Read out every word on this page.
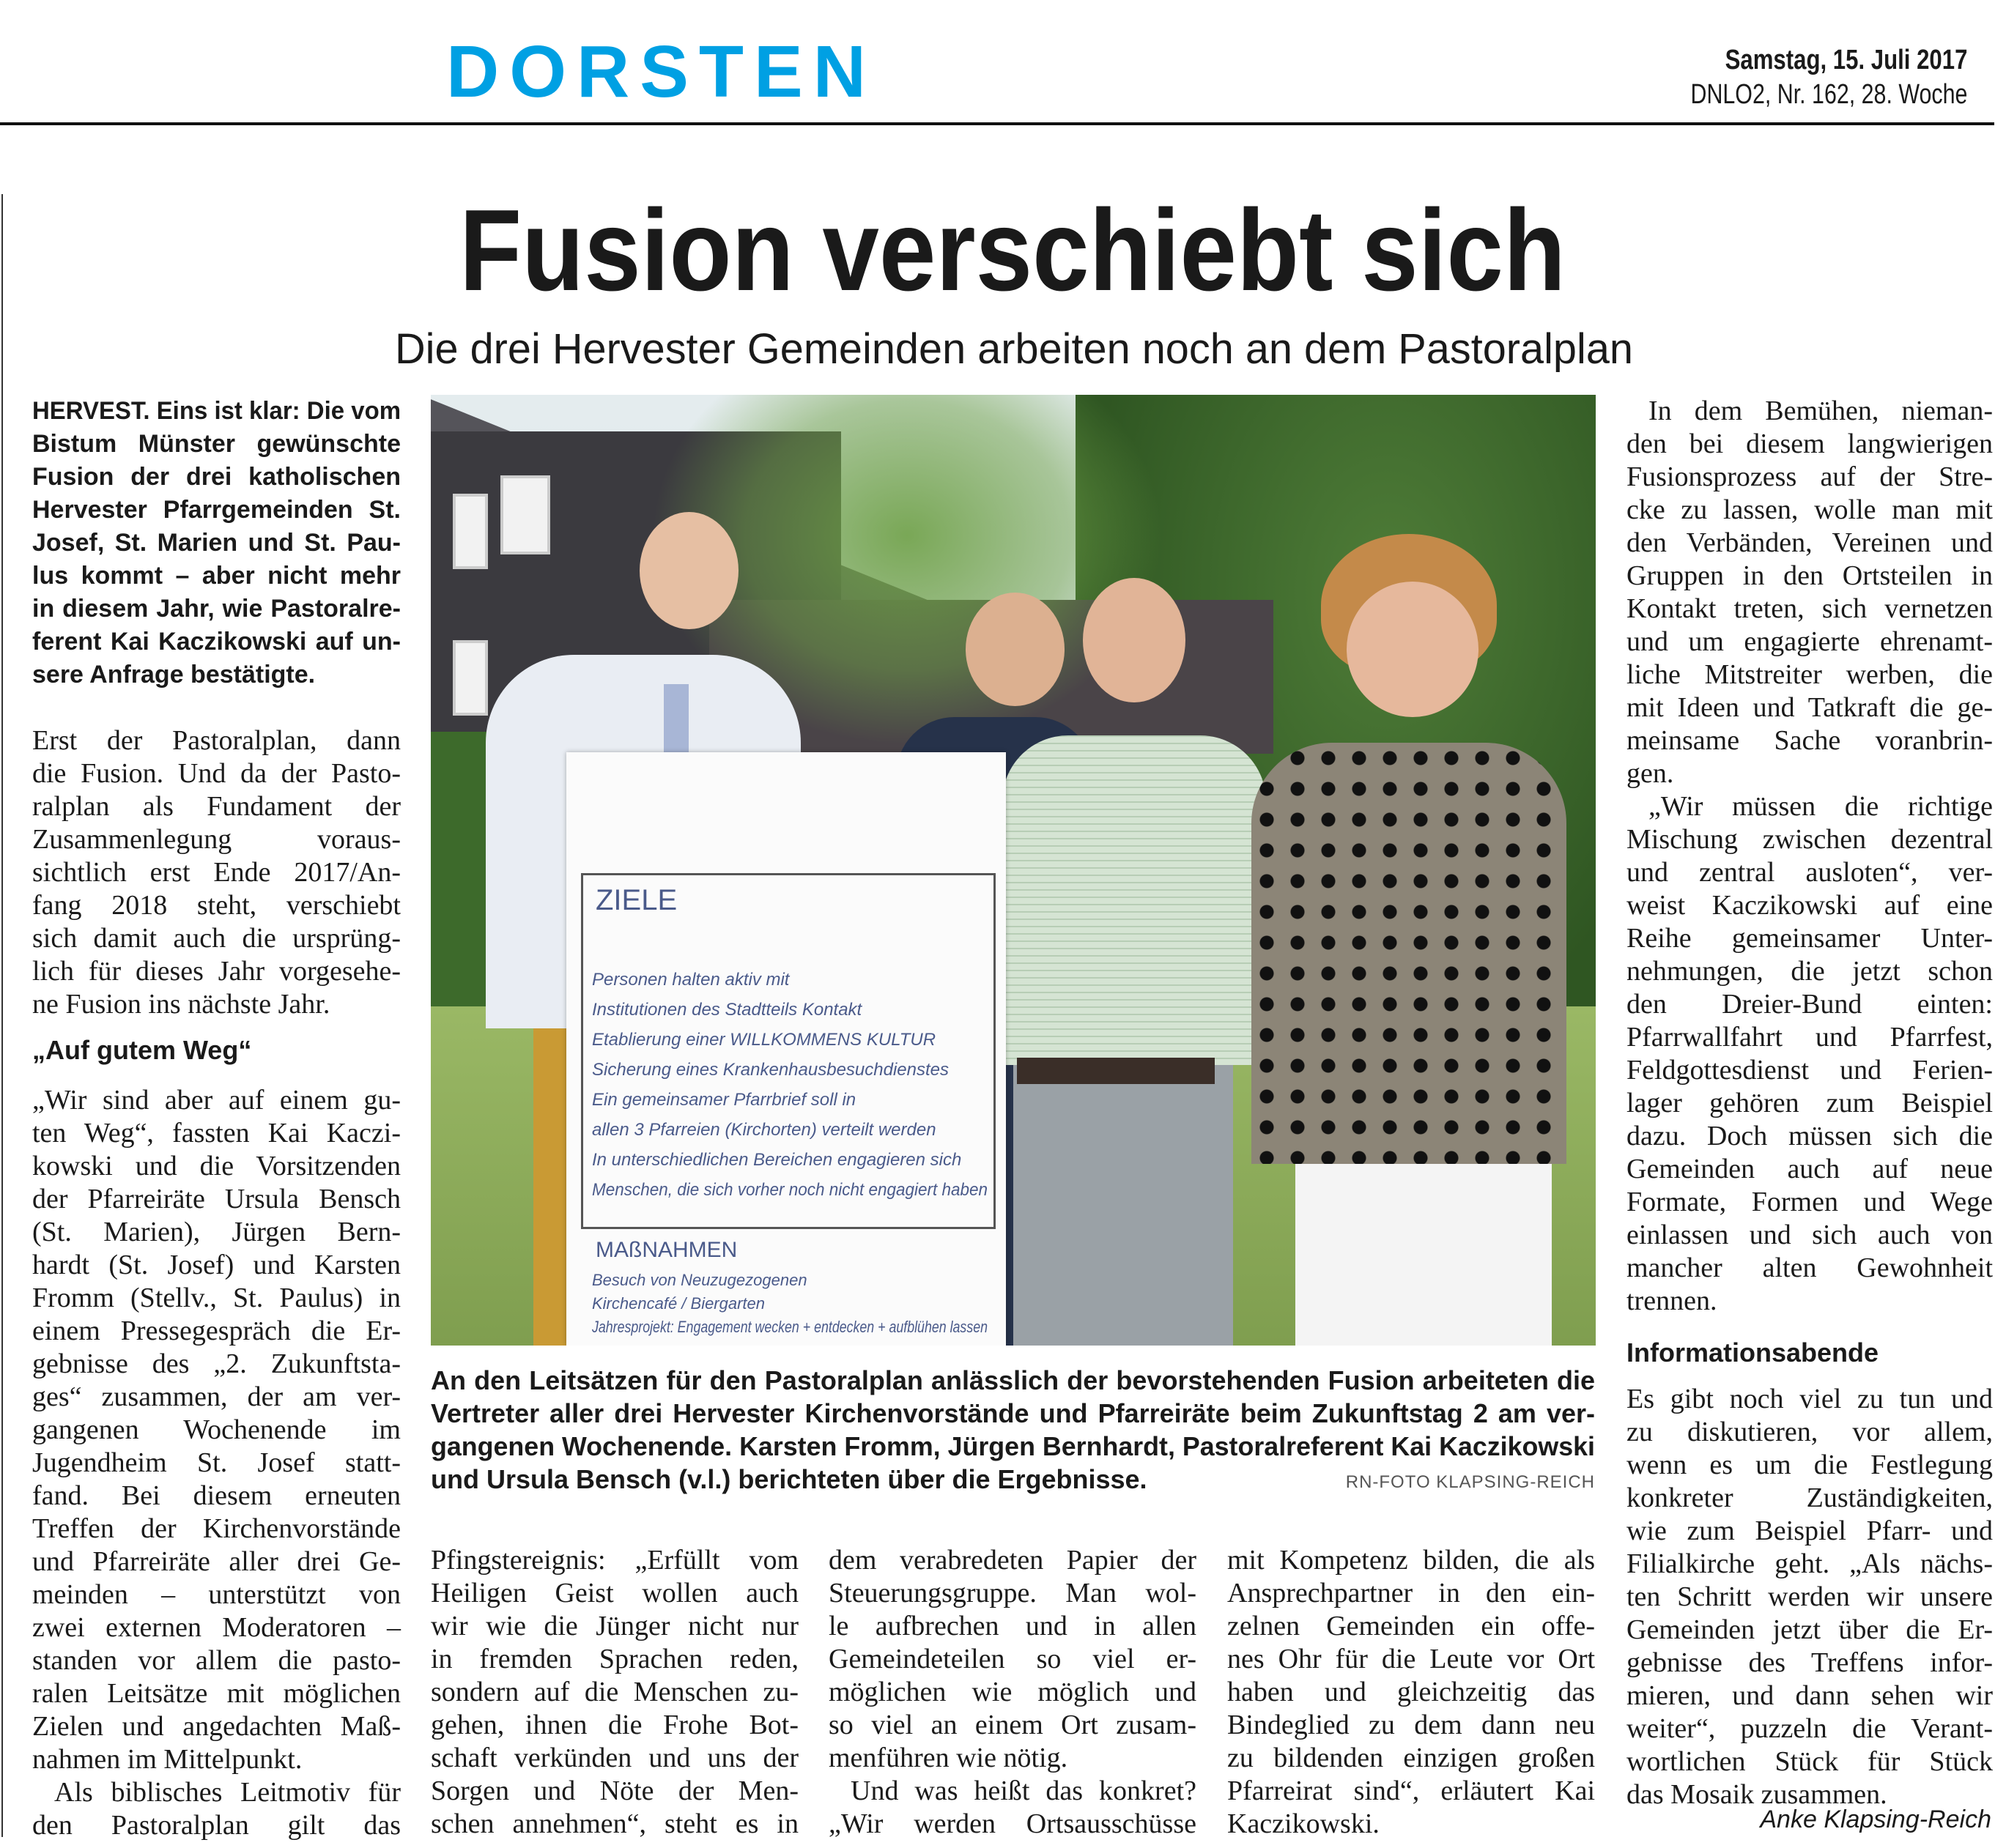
DORSTEN	Samstag, 15. Juli 2017
DNLO2, Nr. 162, 28. Woche
Fusion verschiebt sich
Die drei Hervester Gemeinden arbeiten noch an dem Pastoralplan
HERVEST. Eins ist klar: Die vom
Bistum Münster gewünschte
Fusion der drei katholischen
Hervester Pfarrgemeinden St.
Josef, St. Marien und St. Pau-
lus kommt – aber nicht mehr
in diesem Jahr, wie Pastoralre-
ferent Kai Kaczikowski auf un-
sere Anfrage bestätigte.
Erst der Pastoralplan, dann
die Fusion. Und da der Pasto-
ralplan als Fundament der
Zusammenlegung voraus-
sichtlich erst Ende 2017/An-
fang 2018 steht, verschiebt
sich damit auch die ursprüng-
lich für dieses Jahr vorgesehe-
ne Fusion ins nächste Jahr.
„Auf gutem Weg“
„Wir sind aber auf einem gu-
ten Weg“, fassten Kai Kaczi-
kowski und die Vorsitzenden
der Pfarreiräte Ursula Bensch
(St. Marien), Jürgen Bern-
hardt (St. Josef) und Karsten
Fromm (Stellv., St. Paulus) in
einem Pressegespräch die Er-
gebnisse des „2. Zukunftsta-
ges“ zusammen, der am ver-
gangenen Wochenende im
Jugendheim St. Josef statt-
fand. Bei diesem erneuten
Treffen der Kirchenvorstände
und Pfarreiräte aller drei Ge-
meinden – unterstützt von
zwei externen Moderatoren –
standen vor allem die pasto-
ralen Leitsätze mit möglichen
Zielen und angedachten Maß-
nahmen im Mittelpunkt.
Als biblisches Leitmotiv für
den Pastoralplan gilt das
Pfingstereignis: „Erfüllt vom
Heiligen Geist wollen auch
wir wie die Jünger nicht nur
in fremden Sprachen reden,
sondern auf die Menschen zu-
gehen, ihnen die Frohe Bot-
schaft verkünden und uns der
Sorgen und Nöte der Men-
schen annehmen“, steht es in
dem verabredeten Papier der
Steuerungsgruppe. Man wol-
le aufbrechen und in allen
Gemeindeteilen so viel er-
möglichen wie möglich und
so viel an einem Ort zusam-
menführen wie nötig.
Und was heißt das konkret?
„Wir werden Ortsausschüsse
mit Kompetenz bilden, die als
Ansprechpartner in den ein-
zelnen Gemeinden ein offe-
nes Ohr für die Leute vor Ort
haben und gleichzeitig das
Bindeglied zu dem dann neu
zu bildenden einzigen großen
Pfarreirat sind“, erläutert Kai
Kaczikowski.
In dem Bemühen, nieman-
den bei diesem langwierigen
Fusionsprozess auf der Stre-
cke zu lassen, wolle man mit
den Verbänden, Vereinen und
Gruppen in den Ortsteilen in
Kontakt treten, sich vernetzen
und um engagierte ehrenamt-
liche Mitstreiter werben, die
mit Ideen und Tatkraft die ge-
meinsame Sache voranbrin-
gen.
„Wir müssen die richtige
Mischung zwischen dezentral
und zentral ausloten“, ver-
weist Kaczikowski auf eine
Reihe gemeinsamer Unter-
nehmungen, die jetzt schon
den Dreier-Bund einten:
Pfarrwallfahrt und Pfarrfest,
Feldgottesdienst und Ferien-
lager gehören zum Beispiel
dazu. Doch müssen sich die
Gemeinden auch auf neue
Formate, Formen und Wege
einlassen und sich auch von
mancher alten Gewohnheit
trennen.
Informationsabende
Es gibt noch viel zu tun und
zu diskutieren, vor allem,
wenn es um die Festlegung
konkreter Zuständigkeiten,
wie zum Beispiel Pfarr- und
Filialkirche geht. „Als nächs-
ten Schritt werden wir unsere
Gemeinden jetzt über die Er-
gebnisse des Treffens infor-
mieren, und dann sehen wir
weiter“, puzzeln die Verant-
wortlichen Stück für Stück
das Mosaik zusammen.
Anke Klapsing-Reich
ZIELE
Personen halten aktiv mit
Institutionen des Stadtteils Kontakt
Etablierung einer WILLKOMMENS KULTUR
Sicherung eines Krankenhausbesuchdienstes
Ein gemeinsamer Pfarrbrief soll in
allen 3 Pfarreien (Kirchorten) verteilt werden
In unterschiedlichen Bereichen engagieren sich
Menschen, die sich vorher noch nicht engagiert haben
MAßNAHMEN
Besuch von Neuzugezogenen
Kirchencafé / Biergarten
Jahresprojekt: Engagement wecken + entdecken + aufblühen lassen
An den Leitsätzen für den Pastoralplan anlässlich der bevorstehenden Fusion arbeiteten die
Vertreter aller drei Hervester Kirchenvorstände und Pfarreiräte beim Zukunftstag 2 am ver-
gangenen Wochenende. Karsten Fromm, Jürgen Bernhardt, Pastoralreferent Kai Kaczikowski
und Ursula Bensch (v.l.) berichteten über die Ergebnisse.	RN-FOTO KLAPSING-REICH
